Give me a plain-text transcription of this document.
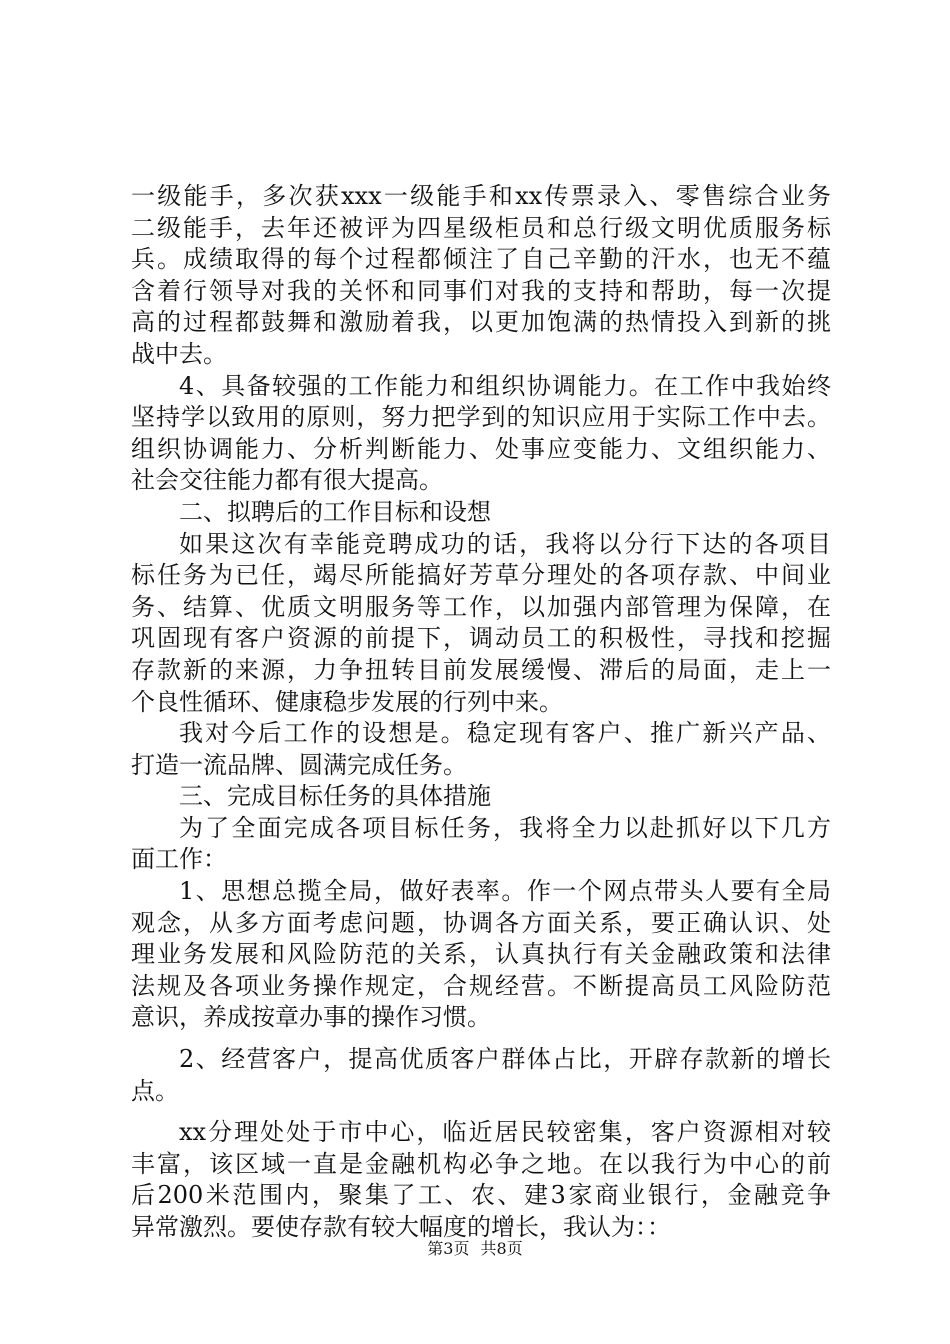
一级能手，多次获xxx一级能手和xx传票录入、零售综合业务
二级能手，去年还被评为四星级柜员和总行级文明优质服务标
兵。成绩取得的每个过程都倾注了自己辛勤的汗水，也无不蕴
含着行领导对我的关怀和同事们对我的支持和帮助，每一次提
高的过程都鼓舞和激励着我，以更加饱满的热情投入到新的挑
战中去。
4、具备较强的工作能力和组织协调能力。在工作中我始终
坚持学以致用的原则，努力把学到的知识应用于实际工作中去。
组织协调能力、分析判断能力、处事应变能力、文组织能力、
社会交往能力都有很大提高。
二、拟聘后的工作目标和设想
如果这次有幸能竞聘成功的话，我将以分行下达的各项目
标任务为已任，竭尽所能搞好芳草分理处的各项存款、中间业
务、结算、优质文明服务等工作，以加强内部管理为保障，在
巩固现有客户资源的前提下，调动员工的积极性，寻找和挖掘
存款新的来源，力争扭转目前发展缓慢、滞后的局面，走上一
个良性循环、健康稳步发展的行列中来。
我对今后工作的设想是。稳定现有客户、推广新兴产品、
打造一流品牌、圆满完成任务。
三、完成目标任务的具体措施
为了全面完成各项目标任务，我将全力以赴抓好以下几方
面工作：
1、思想总揽全局，做好表率。作一个网点带头人要有全局
观念，从多方面考虑问题，协调各方面关系，要正确认识、处
理业务发展和风险防范的关系，认真执行有关金融政策和法律
法规及各项业务操作规定，合规经营。不断提高员工风险防范
意识，养成按章办事的操作习惯。
2、经营客户，提高优质客户群体占比，开辟存款新的增长
点。
xx分理处处于市中心，临近居民较密集，客户资源相对较
丰富，该区域一直是金融机构必争之地。在以我行为中心的前
后200米范围内，聚集了工、农、建3家商业银行，金融竞争
异常激烈。要使存款有较大幅度的增长，我认为：：
第3页 共8页
